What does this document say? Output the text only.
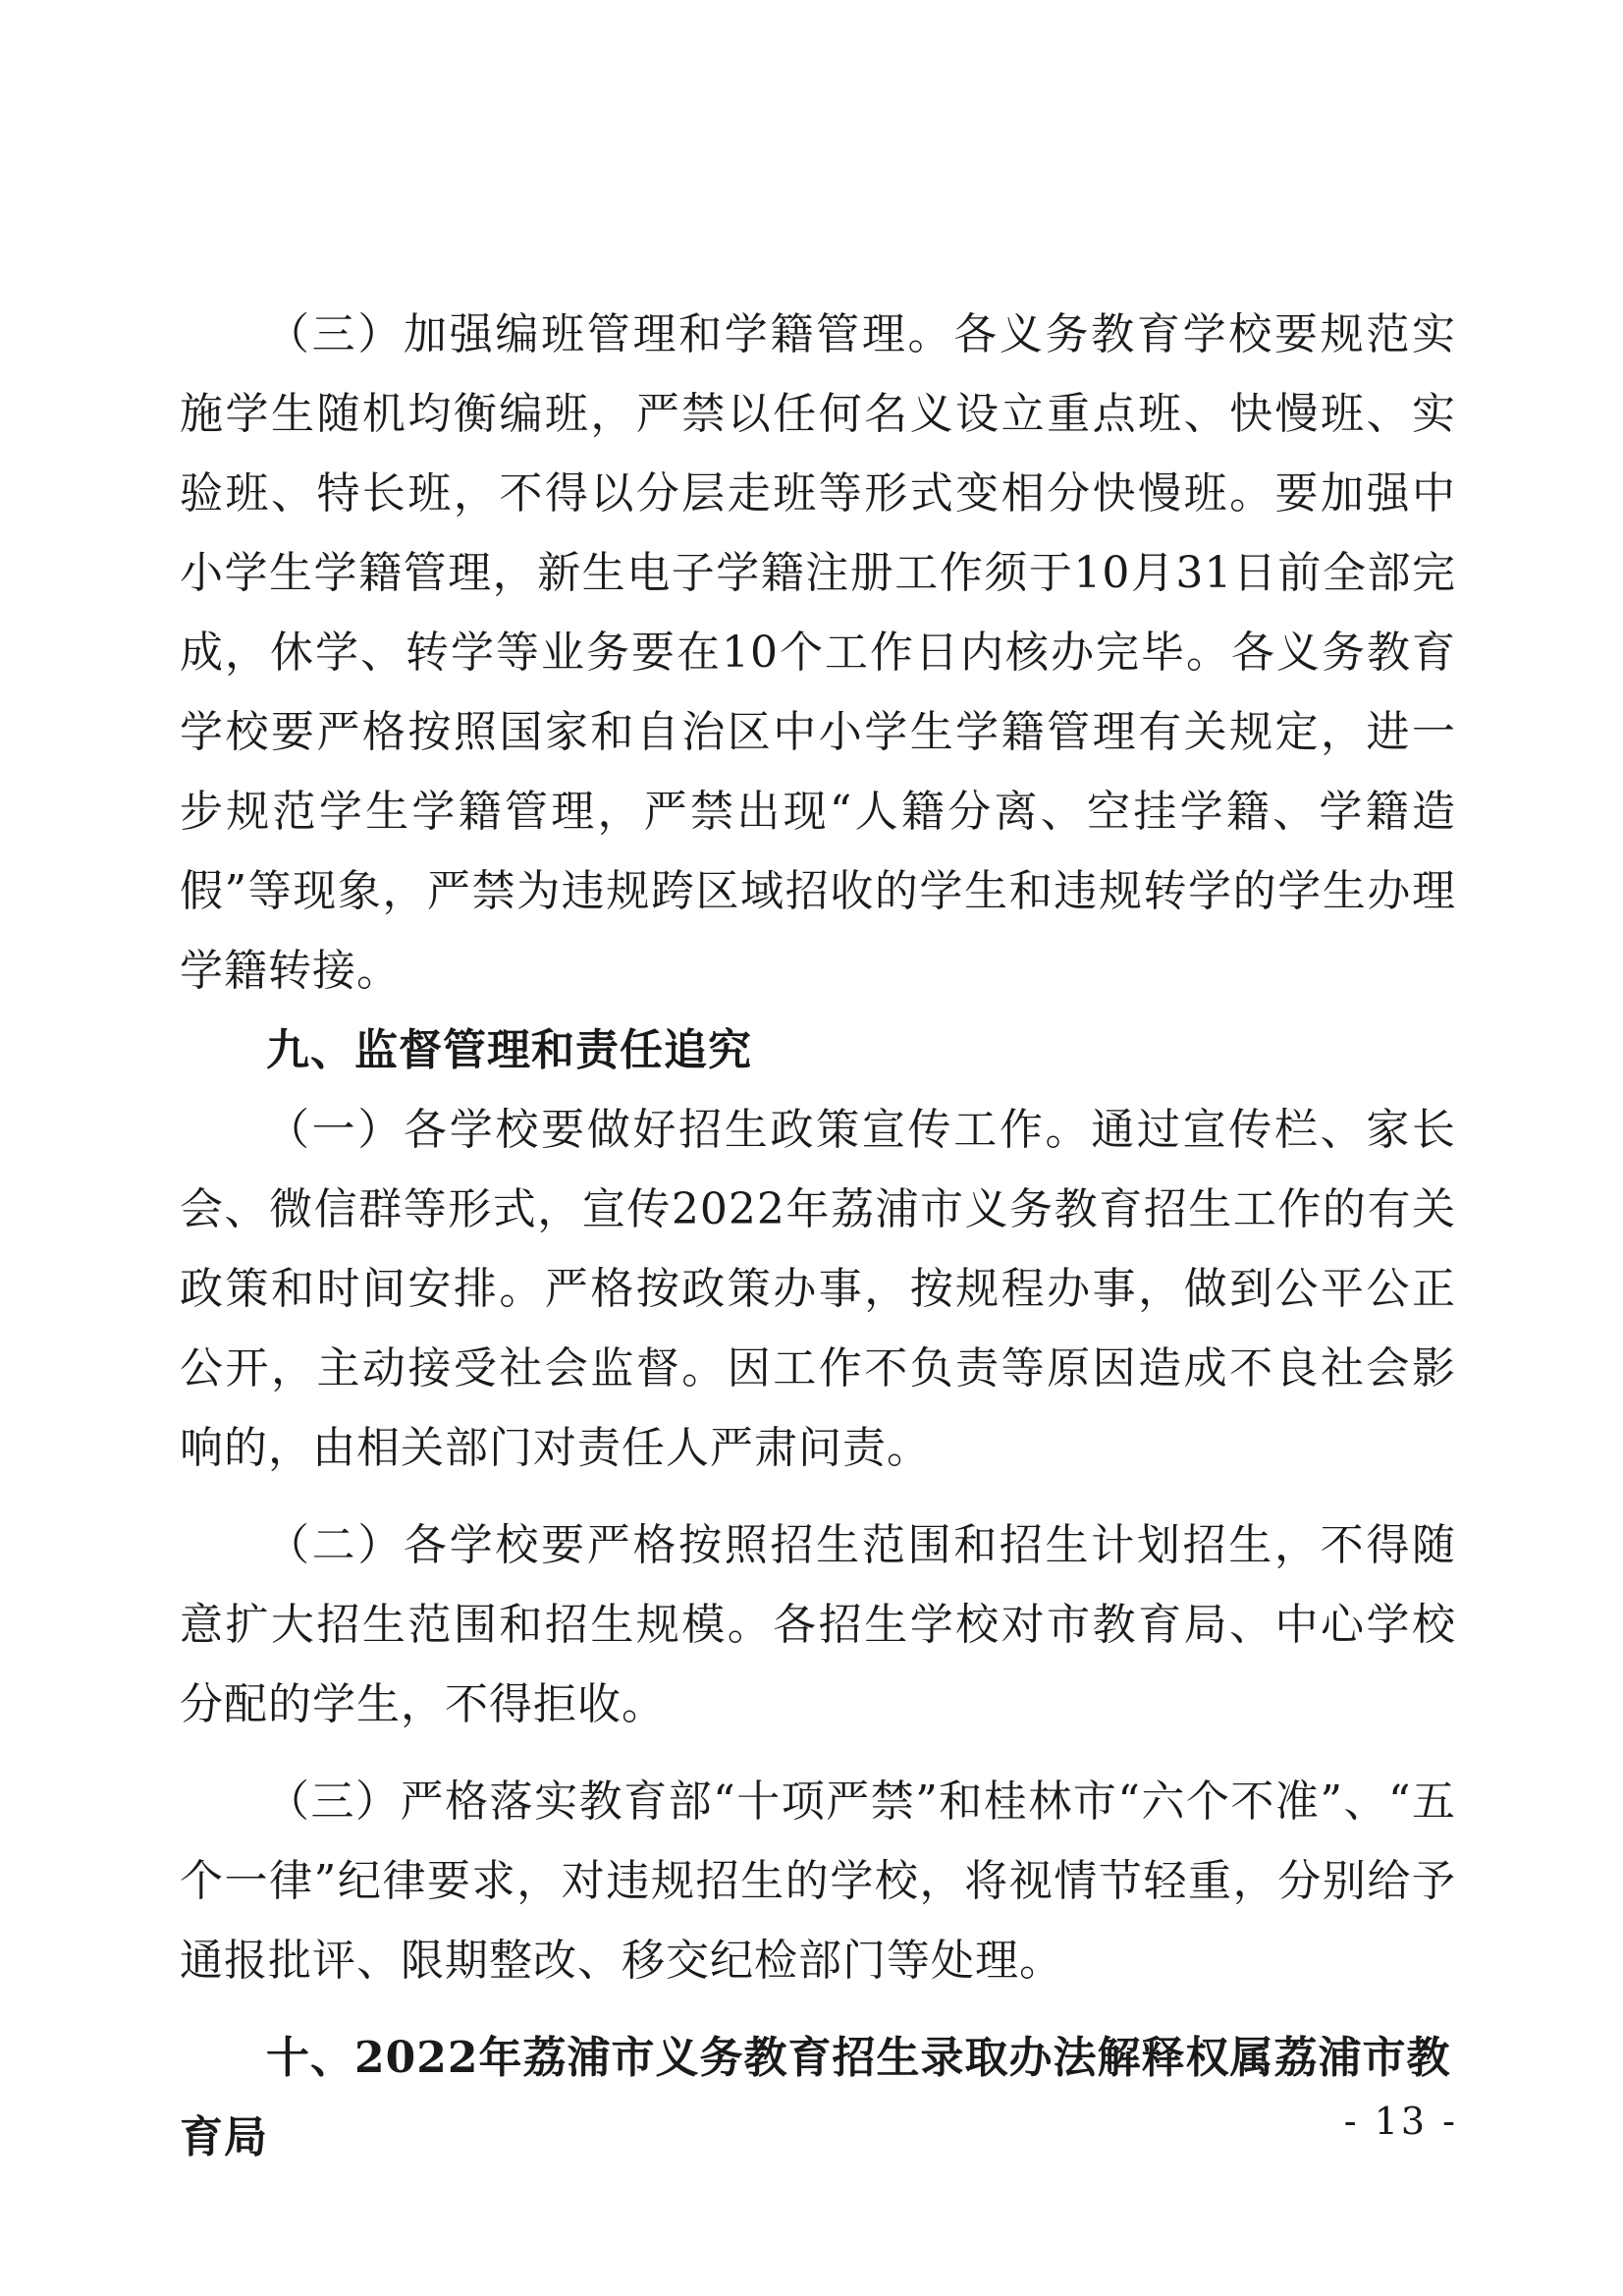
（三）加强编班管理和学籍管理。各义务教育学校要规范实施学生随机均衡编班，严禁以任何名义设立重点班、快慢班、实验班、特长班，不得以分层走班等形式变相分快慢班。要加强中小学生学籍管理，新生电子学籍注册工作须于10月31日前全部完成，休学、转学等业务要在10个工作日内核办完毕。各义务教育学校要严格按照国家和自治区中小学生学籍管理有关规定，进一步规范学生学籍管理，严禁出现“人籍分离、空挂学籍、学籍造假”等现象，严禁为违规跨区域招收的学生和违规转学的学生办理学籍转接。

九、监督管理和责任追究

（一）各学校要做好招生政策宣传工作。通过宣传栏、家长会、微信群等形式，宣传2022年荔浦市义务教育招生工作的有关政策和时间安排。严格按政策办事，按规程办事，做到公平公正公开，主动接受社会监督。因工作不负责等原因造成不良社会影响的，由相关部门对责任人严肃问责。

（二）各学校要严格按照招生范围和招生计划招生，不得随意扩大招生范围和招生规模。各招生学校对市教育局、中心学校分配的学生，不得拒收。

（三）严格落实教育部“十项严禁”和桂林市“六个不准”、“五个一律”纪律要求，对违规招生的学校，将视情节轻重，分别给予通报批评、限期整改、移交纪检部门等处理。

十、2022年荔浦市义务教育招生录取办法解释权属荔浦市教育局	- 13 -
